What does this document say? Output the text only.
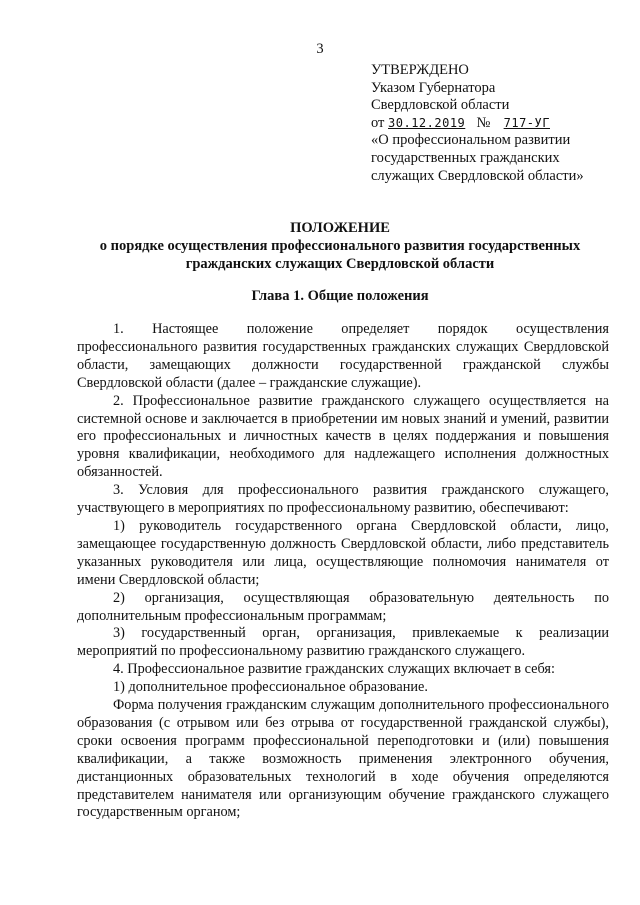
3
УТВЕРЖДЕНО
Указом Губернатора
Свердловской области
от 30.12.2019 № 717-УГ
«О профессиональном развитии
государственных гражданских
служащих Свердловской области»
ПОЛОЖЕНИЕ
о порядке осуществления профессионального развития государственных гражданских служащих Свердловской области
Глава 1. Общие положения

1. Настоящее положение определяет порядок осуществления профессионального развития государственных гражданских служащих Свердловской области, замещающих должности государственной гражданской службы Свердловской области (далее – гражданские служащие).

2. Профессиональное развитие гражданского служащего осуществляется на системной основе и заключается в приобретении им новых знаний и умений, развитии его профессиональных и личностных качеств в целях поддержания и повышения уровня квалификации, необходимого для надлежащего исполнения должностных обязанностей.

3. Условия для профессионального развития гражданского служащего, участвующего в мероприятиях по профессиональному развитию, обеспечивают:

1) руководитель государственного органа Свердловской области, лицо, замещающее государственную должность Свердловской области, либо представитель указанных руководителя или лица, осуществляющие полномочия нанимателя от имени Свердловской области;

2) организация, осуществляющая образовательную деятельность по дополнительным профессиональным программам;

3) государственный орган, организация, привлекаемые к реализации мероприятий по профессиональному развитию гражданского служащего.

4. Профессиональное развитие гражданских служащих включает в себя:

1) дополнительное профессиональное образование.

Форма получения гражданским служащим дополнительного профессионального образования (с отрывом или без отрыва от государственной гражданской службы), сроки освоения программ профессиональной переподготовки и (или) повышения квалификации, а также возможность применения электронного обучения, дистанционных образовательных технологий в ходе обучения определяются представителем нанимателя или организующим обучение гражданского служащего государственным органом;
